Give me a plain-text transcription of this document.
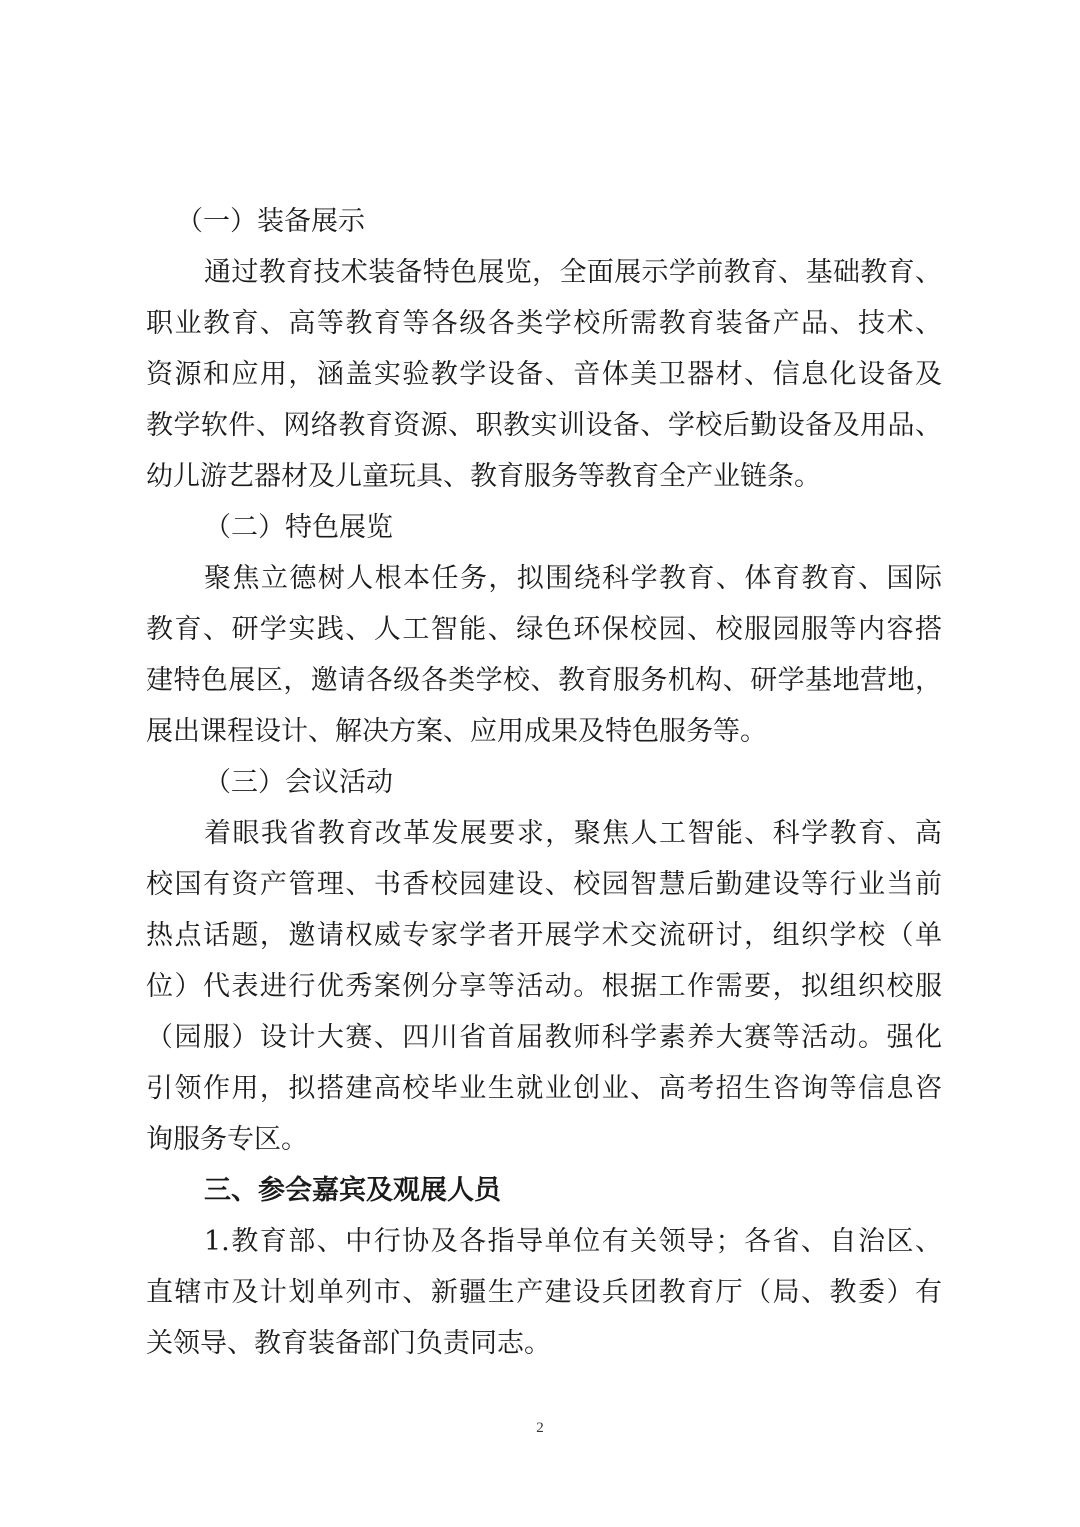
（一）装备展示
通过教育技术装备特色展览，全面展示学前教育、基础教育、
职业教育、高等教育等各级各类学校所需教育装备产品、技术、
资源和应用，涵盖实验教学设备、音体美卫器材、信息化设备及
教学软件、网络教育资源、职教实训设备、学校后勤设备及用品、
幼儿游艺器材及儿童玩具、教育服务等教育全产业链条。
（二）特色展览
聚焦立德树人根本任务，拟围绕科学教育、体育教育、国际
教育、研学实践、人工智能、绿色环保校园、校服园服等内容搭
建特色展区，邀请各级各类学校、教育服务机构、研学基地营地，
展出课程设计、解决方案、应用成果及特色服务等。
（三）会议活动
着眼我省教育改革发展要求，聚焦人工智能、科学教育、高
校国有资产管理、书香校园建设、校园智慧后勤建设等行业当前
热点话题，邀请权威专家学者开展学术交流研讨，组织学校（单
位）代表进行优秀案例分享等活动。根据工作需要，拟组织校服
（园服）设计大赛、四川省首届教师科学素养大赛等活动。强化
引领作用，拟搭建高校毕业生就业创业、高考招生咨询等信息咨
询服务专区。
三、参会嘉宾及观展人员
1.教育部、中行协及各指导单位有关领导；各省、自治区、
直辖市及计划单列市、新疆生产建设兵团教育厅（局、教委）有
关领导、教育装备部门负责同志。
2
